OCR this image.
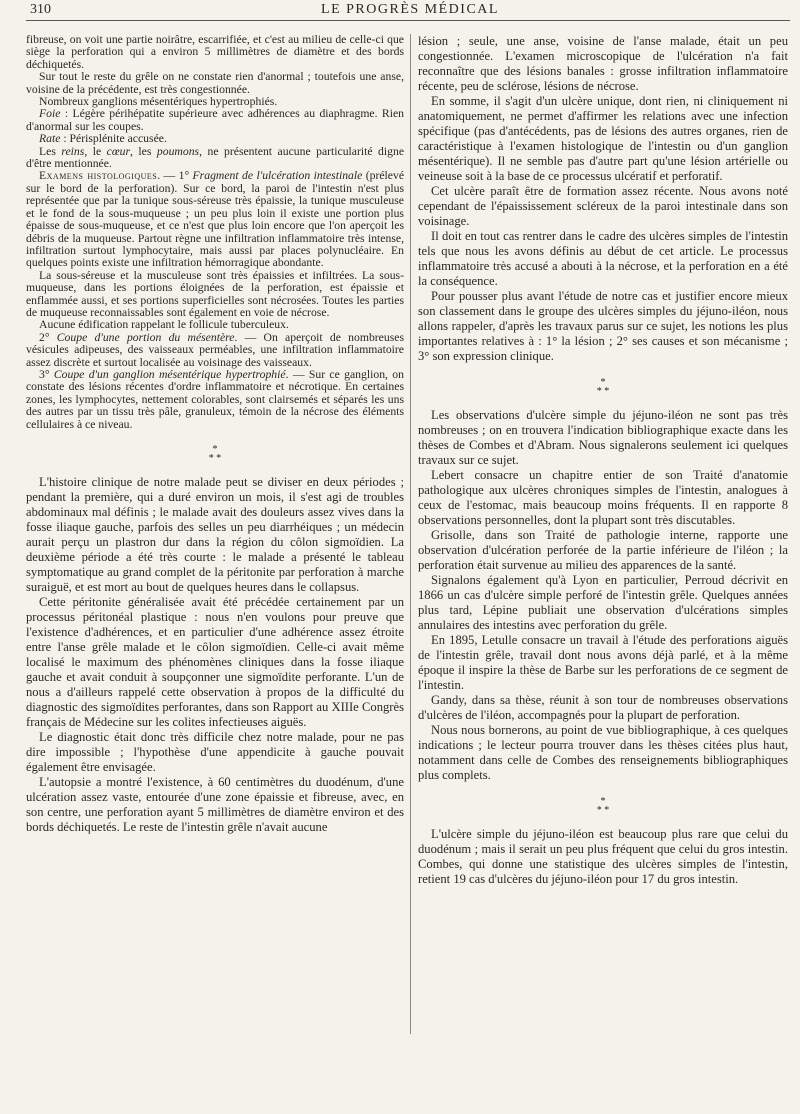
310	LE PROGRÈS MÉDICAL

fibreuse, on voit une partie noirâtre, escarrifiée, et c'est au milieu de celle-ci que siège la perforation qui a environ 5 millimètres de diamètre et des bords déchiquetés.

Sur tout le reste du grêle on ne constate rien d'anormal ; toutefois une anse, voisine de la précédente, est très congestionnée.

Nombreux ganglions mésentériques hypertrophiés.

Foie : Légère périhépatite supérieure avec adhérences au diaphragme. Rien d'anormal sur les coupes.

Rate : Périsplénite accusée.

Les reins, le cœur, les poumons, ne présentent aucune particularité digne d'être mentionnée.

Examens histologiques. — 1° Fragment de l'ulcération intestinale (prélevé sur le bord de la perforation). Sur ce bord, la paroi de l'intestin n'est plus représentée que par la tunique sous-séreuse très épaissie, la tunique musculeuse et le fond de la sous-muqueuse ; un peu plus loin il existe une portion plus épaisse de sous-muqueuse, et ce n'est que plus loin encore que l'on aperçoit les débris de la muqueuse. Partout règne une infiltration inflammatoire très intense, infiltration surtout lymphocytaire, mais aussi par places polynucléaire. En quelques points existe une infiltration hémorragique abondante.

La sous-séreuse et la musculeuse sont très épaissies et infiltrées. La sous-muqueuse, dans les portions éloignées de la perforation, est épaissie et enflammée aussi, et ses portions superficielles sont nécrosées. Toutes les parties de muqueuse reconnaissables sont également en voie de nécrose.

Aucune édification rappelant le follicule tuberculeux.

2° Coupe d'une portion du mésentère. — On aperçoit de nombreuses vésicules adipeuses, des vaisseaux perméables, une infiltration inflammatoire assez discrète et surtout localisée au voisinage des vaisseaux.

3° Coupe d'un ganglion mésentérique hypertrophié. — Sur ce ganglion, on constate des lésions récentes d'ordre inflammatoire et nécrotique. En certaines zones, les lymphocytes, nettement colorables, sont clairsemés et séparés les uns des autres par un tissu très pâle, granuleux, témoin de la nécrose des éléments cellulaires à ce niveau.

*
* *

L'histoire clinique de notre malade peut se diviser en deux périodes ; pendant la première, qui a duré environ un mois, il s'est agi de troubles abdominaux mal définis ; le malade avait des douleurs assez vives dans la fosse iliaque gauche, parfois des selles un peu diarrhéiques ; un médecin aurait perçu un plastron dur dans la région du côlon sigmoïdien. La deuxième période a été très courte : le malade a présenté le tableau symptomatique au grand complet de la péritonite par perforation à marche suraiguë, et est mort au bout de quelques heures dans le collapsus.

Cette péritonite généralisée avait été précédée certainement par un processus péritonéal plastique : nous n'en voulons pour preuve que l'existence d'adhérences, et en particulier d'une adhérence assez étroite entre l'anse grêle malade et le côlon sigmoïdien. Celle-ci avait même localisé le maximum des phénomènes cliniques dans la fosse iliaque gauche et avait conduit à soupçonner une sigmoïdite perforante. L'un de nous a d'ailleurs rappelé cette observation à propos de la difficulté du diagnostic des sigmoïdites perforantes, dans son Rapport au XIIIe Congrès français de Médecine sur les colites infectieuses aiguës.

Le diagnostic était donc très difficile chez notre malade, pour ne pas dire impossible ; l'hypothèse d'une appendicite à gauche pouvait également être envisagée.

L'autopsie a montré l'existence, à 60 centimètres du duodénum, d'une ulcération assez vaste, entourée d'une zone épaissie et fibreuse, avec, en son centre, une perforation ayant 5 millimètres de diamètre environ et des bords déchiquetés. Le reste de l'intestin grêle n'avait aucune

lésion ; seule, une anse, voisine de l'anse malade, était un peu congestionnée. L'examen microscopique de l'ulcération n'a fait reconnaître que des lésions banales : grosse infiltration inflammatoire récente, peu de sclérose, lésions de nécrose.

En somme, il s'agit d'un ulcère unique, dont rien, ni cliniquement ni anatomiquement, ne permet d'affirmer les relations avec une infection spécifique (pas d'antécédents, pas de lésions des autres organes, rien de caractéristique à l'examen histologique de l'intestin ou d'un ganglion mésentérique). Il ne semble pas d'autre part qu'une lésion artérielle ou veineuse soit à la base de ce processus ulcératif et perforatif.

Cet ulcère paraît être de formation assez récente. Nous avons noté cependant de l'épaississement scléreux de la paroi intestinale dans son voisinage.

Il doit en tout cas rentrer dans le cadre des ulcères simples de l'intestin tels que nous les avons définis au début de cet article. Le processus inflammatoire très accusé a abouti à la nécrose, et la perforation en a été la conséquence.

Pour pousser plus avant l'étude de notre cas et justifier encore mieux son classement dans le groupe des ulcères simples du jéjuno-iléon, nous allons rappeler, d'après les travaux parus sur ce sujet, les notions les plus importantes relatives à : 1° la lésion ; 2° ses causes et son mécanisme ; 3° son expression clinique.

*
* *

Les observations d'ulcère simple du jéjuno-iléon ne sont pas très nombreuses ; on en trouvera l'indication bibliographique exacte dans les thèses de Combes et d'Abram. Nous signalerons seulement ici quelques travaux sur ce sujet.

Lebert consacre un chapitre entier de son Traité d'anatomie pathologique aux ulcères chroniques simples de l'intestin, analogues à ceux de l'estomac, mais beaucoup moins fréquents. Il en rapporte 8 observations personnelles, dont la plupart sont très discutables.

Grisolle, dans son Traité de pathologie interne, rapporte une observation d'ulcération perforée de la partie inférieure de l'iléon ; la perforation était survenue au milieu des apparences de la santé.

Signalons également qu'à Lyon en particulier, Perroud décrivit en 1866 un cas d'ulcère simple perforé de l'intestin grêle. Quelques années plus tard, Lépine publiait une observation d'ulcérations simples annulaires des intestins avec perforation du grêle.

En 1895, Letulle consacre un travail à l'étude des perforations aiguës de l'intestin grêle, travail dont nous avons déjà parlé, et à la même époque il inspire la thèse de Barbe sur les perforations de ce segment de l'intestin.

Gandy, dans sa thèse, réunit à son tour de nombreuses observations d'ulcères de l'iléon, accompagnés pour la plupart de perforation.

Nous nous bornerons, au point de vue bibliographique, à ces quelques indications ; le lecteur pourra trouver dans les thèses citées plus haut, notamment dans celle de Combes des renseignements bibliographiques plus complets.

*
* *

L'ulcère simple du jéjuno-iléon est beaucoup plus rare que celui du duodénum ; mais il serait un peu plus fréquent que celui du gros intestin. Combes, qui donne une statistique des ulcères simples de l'intestin, retient 19 cas d'ulcères du jéjuno-iléon pour 17 du gros intestin.
